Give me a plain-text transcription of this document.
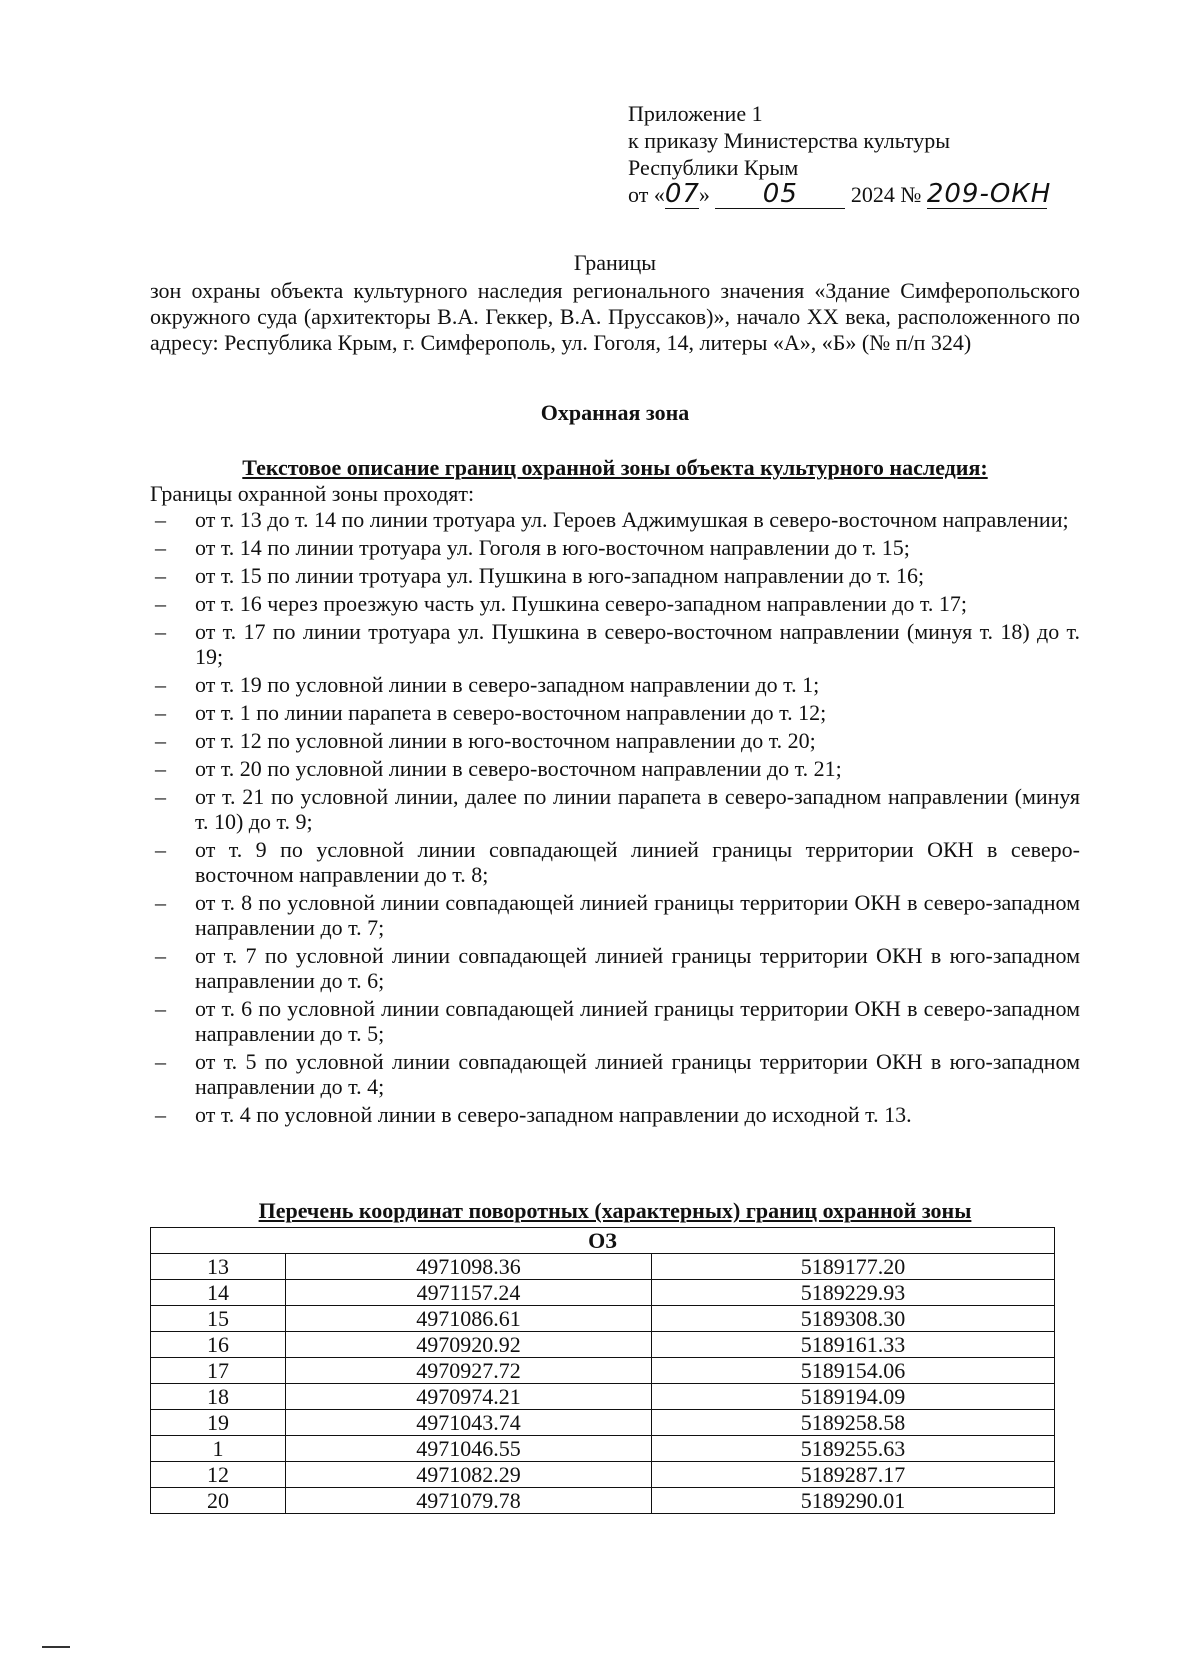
Приложение 1
к приказу Министерства культуры
Республики Крым
от «07» 05 2024 № 209-ОКН
Границы
зон охраны объекта культурного наследия регионального значения «Здание Симферопольского окружного суда (архитекторы В.А. Геккер, В.А. Пруссаков)», начало XX века, расположенного по адресу: Республика Крым, г. Симферополь, ул. Гоголя, 14, литеры «А», «Б» (№ п/п 324)
Охранная зона
Текстовое описание границ охранной зоны объекта культурного наследия:
Границы охранной зоны проходят:
– от т. 13 до т. 14 по линии тротуара ул. Героев Аджимушкая в северо-восточном направлении;
– от т. 14 по линии тротуара ул. Гоголя в юго-восточном направлении до т. 15;
– от т. 15 по линии тротуара ул. Пушкина в юго-западном направлении до т. 16;
– от т. 16 через проезжую часть ул. Пушкина северо-западном направлении до т. 17;
– от т. 17 по линии тротуара ул. Пушкина в северо-восточном направлении (минуя т. 18) до т. 19;
– от т. 19 по условной линии в северо-западном направлении до т. 1;
– от т. 1 по линии парапета в северо-восточном направлении до т. 12;
– от т. 12 по условной линии в юго-восточном направлении до т. 20;
– от т. 20 по условной линии в северо-восточном направлении до т. 21;
– от т. 21 по условной линии, далее по линии парапета в северо-западном направлении (минуя т. 10) до т. 9;
– от т. 9 по условной линии совпадающей линией границы территории ОКН в северо-восточном направлении до т. 8;
– от т. 8 по условной линии совпадающей линией границы территории ОКН в северо-западном направлении до т. 7;
– от т. 7 по условной линии совпадающей линией границы территории ОКН в юго-западном направлении до т. 6;
– от т. 6 по условной линии совпадающей линией границы территории ОКН в северо-западном направлении до т. 5;
– от т. 5 по условной линии совпадающей линией границы территории ОКН в юго-западном направлении до т. 4;
– от т. 4 по условной линии в северо-западном направлении до исходной т. 13.
Перечень координат поворотных (характерных) границ охранной зоны
ОЗ		
13	4971098.36	5189177.20
14	4971157.24	5189229.93
15	4971086.61	5189308.30
16	4970920.92	5189161.33
17	4970927.72	5189154.06
18	4970974.21	5189194.09
19	4971043.74	5189258.58
1	4971046.55	5189255.63
12	4971082.29	5189287.17
20	4971079.78	5189290.01
